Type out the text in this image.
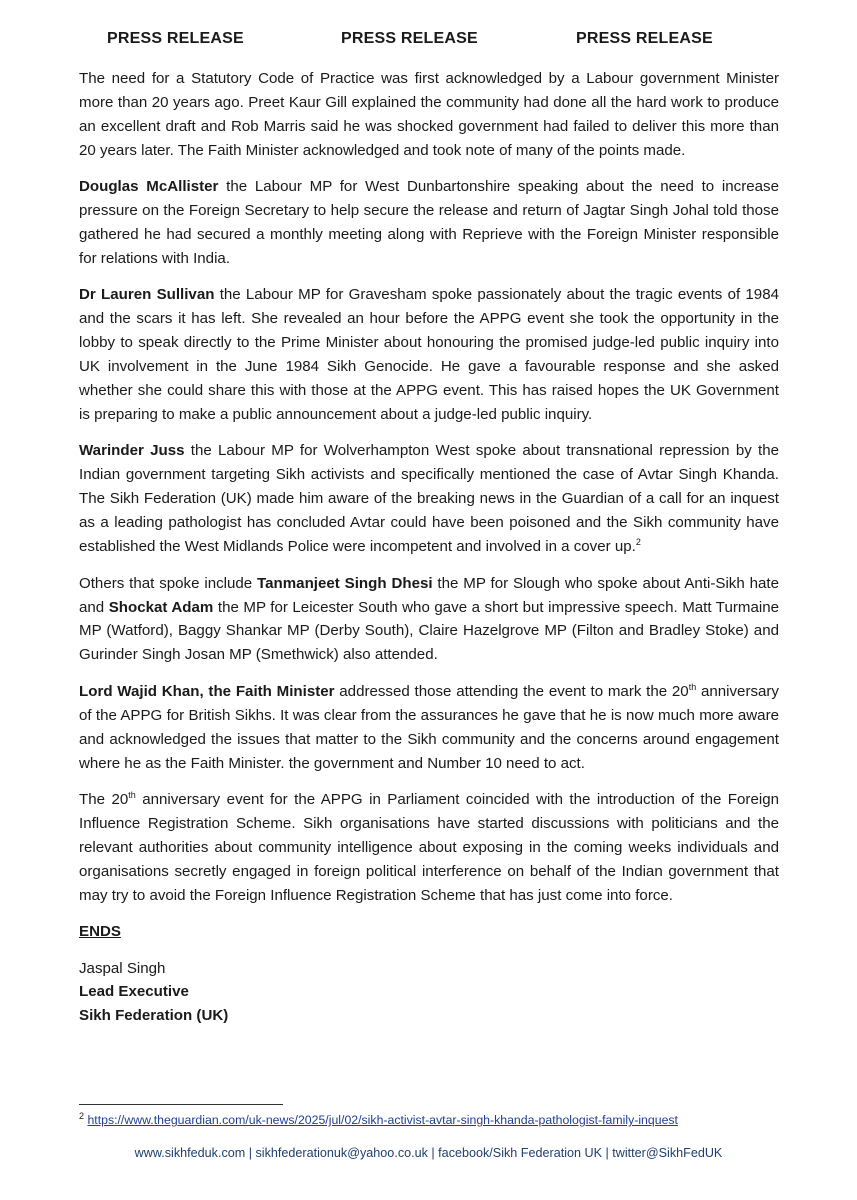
PRESS RELEASE	PRESS RELEASE	PRESS RELEASE

The need for a Statutory Code of Practice was first acknowledged by a Labour government Minister more than 20 years ago. Preet Kaur Gill explained the community had done all the hard work to produce an excellent draft and Rob Marris said he was shocked government had failed to deliver this more than 20 years later. The Faith Minister acknowledged and took note of many of the points made.

Douglas McAllister the Labour MP for West Dunbartonshire speaking about the need to increase pressure on the Foreign Secretary to help secure the release and return of Jagtar Singh Johal told those gathered he had secured a monthly meeting along with Reprieve with the Foreign Minister responsible for relations with India.

Dr Lauren Sullivan the Labour MP for Gravesham spoke passionately about the tragic events of 1984 and the scars it has left. She revealed an hour before the APPG event she took the opportunity in the lobby to speak directly to the Prime Minister about honouring the promised judge-led public inquiry into UK involvement in the June 1984 Sikh Genocide. He gave a favourable response and she asked whether she could share this with those at the APPG event. This has raised hopes the UK Government is preparing to make a public announcement about a judge-led public inquiry.

Warinder Juss the Labour MP for Wolverhampton West spoke about transnational repression by the Indian government targeting Sikh activists and specifically mentioned the case of Avtar Singh Khanda. The Sikh Federation (UK) made him aware of the breaking news in the Guardian of a call for an inquest as a leading pathologist has concluded Avtar could have been poisoned and the Sikh community have established the West Midlands Police were incompetent and involved in a cover up.$^2$

Others that spoke include Tanmanjeet Singh Dhesi the MP for Slough who spoke about Anti-Sikh hate and Shockat Adam the MP for Leicester South who gave a short but impressive speech. Matt Turmaine MP (Watford), Baggy Shankar MP (Derby South), Claire Hazelgrove MP (Filton and Bradley Stoke) and Gurinder Singh Josan MP (Smethwick) also attended.

Lord Wajid Khan, the Faith Minister addressed those attending the event to mark the 20th anniversary of the APPG for British Sikhs. It was clear from the assurances he gave that he is now much more aware and acknowledged the issues that matter to the Sikh community and the concerns around engagement where he as the Faith Minister. the government and Number 10 need to act.

The 20th anniversary event for the APPG in Parliament coincided with the introduction of the Foreign Influence Registration Scheme. Sikh organisations have started discussions with politicians and the relevant authorities about community intelligence about exposing in the coming weeks individuals and organisations secretly engaged in foreign political interference on behalf of the Indian government that may try to avoid the Foreign Influence Registration Scheme that has just come into force.

ENDS

Jaspal Singh
Lead Executive
Sikh Federation (UK)
$^2$ https://www.theguardian.com/uk-news/2025/jul/02/sikh-activist-avtar-singh-khanda-pathologist-family-inquest
www.sikhfeduk.com | sikhfederationuk@yahoo.co.uk | facebook/Sikh Federation UK | twitter@SikhFedUK
